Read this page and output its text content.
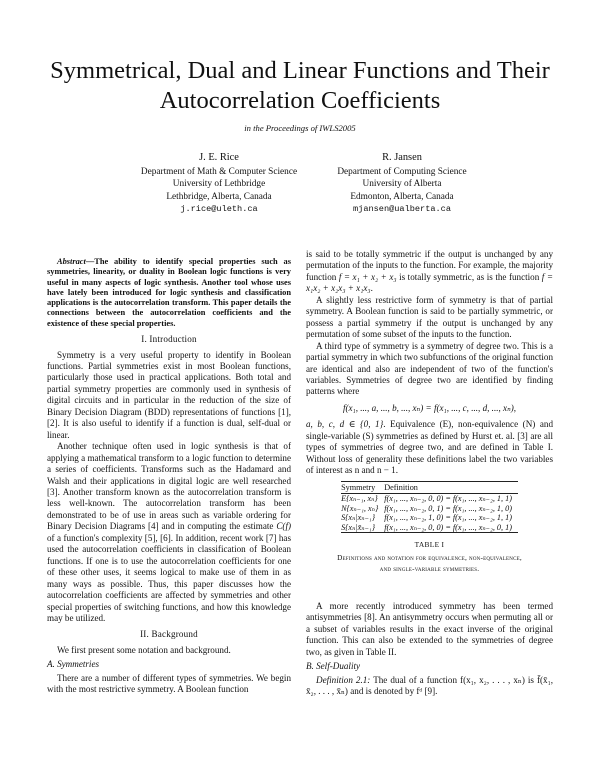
Symmetrical, Dual and Linear Functions and Their
Autocorrelation Coefficients
in the Proceedings of IWLS2005
J. E. Rice
Department of Math & Computer Science
University of Lethbridge
Lethbridge, Alberta, Canada
j.rice@uleth.ca
R. Jansen
Department of Computing Science
University of Alberta
Edmonton, Alberta, Canada
mjansen@ualberta.ca
Abstract—The ability to identify special properties such as symmetries, linearity, or duality in Boolean logic functions is very useful in many aspects of logic synthesis. Another tool whose uses have lately been introduced for logic synthesis and classification applications is the autocorrelation transform. This paper details the connections between the autocorrelation coefficients and the existence of these special properties.
I. Introduction

Symmetry is a very useful property to identify in Boolean functions. Partial symmetries exist in most Boolean functions, particularly those used in practical applications. Both total and partial symmetry properties are commonly used in synthesis of digital circuits and in particular in the reduction of the size of Binary Decision Diagram (BDD) representations of functions [1], [2]. It is also useful to identify if a function is dual, self-dual or linear.

Another technique often used in logic synthesis is that of applying a mathematical transform to a logic function to determine a series of coefficients. Transforms such as the Hadamard and Walsh and their applications in digital logic are well researched [3]. Another transform known as the autocorrelation transform is less well-known. The autocorrelation transform has been demonstrated to be of use in areas such as variable ordering for Binary Decision Diagrams [4] and in computing the estimate C(f) of a function's complexity [5], [6]. In addition, recent work [7] has used the autocorrelation coefficients in classification of Boolean functions. If one is to use the autocorrelation coefficients for one of these other uses, it seems logical to make use of them in as many ways as possible. Thus, this paper discusses how the autocorrelation coefficients are affected by symmetries and other special properties of switching functions, and how this knowledge may be utilized.

II. Background

We first present some notation and background.

A. Symmetries

There are a number of different types of symmetries. We begin with the most restrictive symmetry. A Boolean function

is said to be totally symmetric if the output is unchanged by any permutation of the inputs to the function. For example, the majority function f = x₁ + x₂ + x₃ is totally symmetric, as is the function f = x₁x₂ + x₂x₃ + x₁x₃.

A slightly less restrictive form of symmetry is that of partial symmetry. A Boolean function is said to be partially symmetric, or possess a partial symmetry if the output is unchanged by any permutation of some subset of the inputs to the function.

A third type of symmetry is a symmetry of degree two. This is a partial symmetry in which two subfunctions of the original function are identical and also are independent of two of the function's variables. Symmetries of degree two are identified by finding patterns where

f(x₁, ..., a, ..., b, ..., xₙ) = f(x₁, ..., c, ..., d, ..., xₙ),

a, b, c, d ∈ {0, 1}. Equivalence (E), non-equivalence (N) and single-variable (S) symmetries as defined by Hurst et. al. [3] are all types of symmetries of degree two, and are defined in Table I. Without loss of generality these definitions label the two variables of interest as n and n − 1.

Symmetry	Definition
E{xₙ₋₁, xₙ}	f(x₁, ..., xₙ₋₂, 0, 0) = f(x₁, ..., xₙ₋₂, 1, 1)
N{xₙ₋₁, xₙ}	f(x₁, ..., xₙ₋₂, 0, 1) = f(x₁, ..., xₙ₋₂, 1, 0)
S{xₙ|xₙ₋₁}	f(x₁, ..., xₙ₋₂, 1, 0) = f(x₁, ..., xₙ₋₂, 1, 1)
S{xₙ|x̄ₙ₋₁}	f(x₁, ..., xₙ₋₂, 0, 0) = f(x₁, ..., xₙ₋₂, 0, 1)
TABLE I
Definitions and notation for equivalence, non-equivalence,
and single-variable symmetries.

A more recently introduced symmetry has been termed antisymmetries [8]. An antisymmetry occurs when permuting all or a subset of variables results in the exact inverse of the original function. This can also be extended to the symmetries of degree two, as given in Table II.

B. Self-Duality

Definition 2.1: The dual of a function f(x₁, x₂, . . . , xₙ) is f̄(x̄₁, x̄₂, . . . , x̄ₙ) and is denoted by fᵈ [9].
